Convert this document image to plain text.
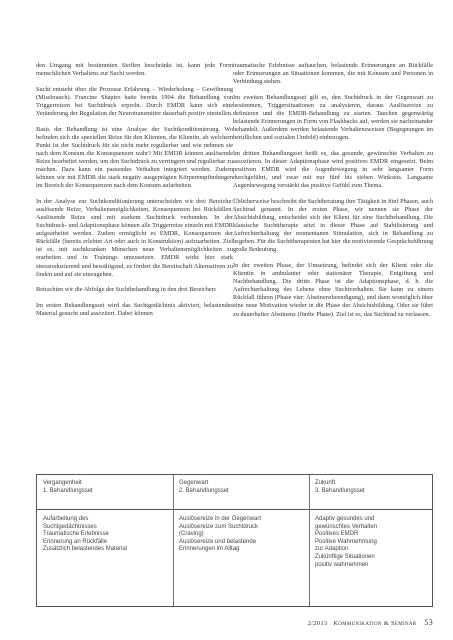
den Umgang mit bestimmten Stoffen beschränkt ist, kann jede Form menschlichen Verhaltens zur Sucht werden.

Sucht entsteht über die Prozesse Erfahrung – Wiederholung – Gewöhnung (Missbrauch). Francine Shapiro hatte bereits 1994 die Behandlung von Triggerreizen bei Suchtdruck erprobt. Durch EMDR kann sich eine Veränderung der Regulation der Neurotransmitter dauerhaft positiv einstellen.

Basis der Behandlung ist eine Analyse der Suchtkonditionierung. Wo befinden sich die speziellen Reize für den Klienten, die Klientin, ab welchem Punkt ist der Suchtdruck für sie nicht mehr regulierbar und wie nehmen sie nach dem Konsum die Konsequenzen wahr? Mit EMDR können auslösende Reize bearbeitet werden, um den Suchtdruck zu verringern und regulierbar zu machen. Dazu kann ein passendes Verhalten integriert werden. Zudem können wir mit EMDR die stark negativ ausgeprägten Körperempfindungen im Bereich der Konsequenzen nach dem Konsum aufarbeiten.

In der Analyse zur Suchtkonditionierung unterscheiden wir drei Bereiche: auslösende Reize, Verhaltensmöglichkeiten, Konsequenzen bei Rückfällen. Auslösende Reize sind mit starkem Suchtdruck verbunden. In der Suchtdruck- und Adaptionsphase können alle Triggerreize einzeln mit EMDR aufgearbeitet werden. Zudem ermöglicht es EMDR, Konsequenzen der Rückfälle (bereits erlebter Art oder auch in Konstruktion) aufzuarbeiten. Ziel ist es, mit suchtkranken Menschen neue Verhaltensmöglichkeiten zu erarbeiten und in Trainings umzusetzen. EMDR wirkt hier stark stressreduzierend und bewältigend, es fördert die Bereitschaft Alternativen zu finden und auf sie einzugehen.

Betrachten wir die Abfolge der Suchtbehandlung in den drei Bereichen:

Im ersten Behandlungsset wird das Suchtgedächtnis aktiviert, belastendes Material gesucht und assoziiert. Dabei können

traumatische Erlebnisse auftauchen, belastende Erinnerungen an Rückfälle oder Erinnerungen an Situationen kommen, die mit Konsum und Personen in Verbindung stehen.

Im zweiten Behandlungsset gilt es, den Suchtdruck in der Gegenwart zu bestimmen, Triggersituationen zu analysieren, daraus Auslösereize zu definieren und die EMDR-Behandlung zu starten. Tauchen gegenwärtig belastende Erinnerungen in Form von Flashbacks auf, werden sie nacheinander behandelt. Außerdem werden belastende Verhaltensweisen (Begegnungen im beruflichen und sozialen Umfeld) einbezogen.

Im dritten Behandlungsset heißt es, das gesunde, gewünschte Verhalten zu assoziieren. In dieser Adaptionsphase wird positives EMDR eingesetzt. Beim positiven EMDR wird die Augenbewegung in sehr langsamer Form durchgeführt, und zwar mit nur fünf bis sieben Winksets. Langsame Augenbewegung verstärkt das positive Gefühl zum Thema.

Üblicherweise beschreibt die Suchtberatung ihre Tätigkeit in fünf Phasen, auch Suchtrad genannt. In der ersten Phase, wir nennen sie Phase der Absichtsbildung, entscheidet sich der Klient für eine Suchtbehandlung. Die klassische Suchttherapie setzt in dieser Phase auf Stabilisierung und Aufrechterhaltung der momentanen Stimulation, sich in Behandlung zu begeben. Für die Suchttherapeuten hat hier die motivierende Gesprächsführung große Bedeutung.

In der zweiten Phase, der Umsetzung, befindet sich der Klient oder die Klientin in ambulanter oder stationärer Therapie, Entgiftung und Nachbehandlung. Die dritte Phase ist die Adaptionsphase, d. h. die Aufrechterhaltung des Lebens ohne Suchtverhalten. Sie kann zu einem Rückfall führen (Phase vier: Abstinenzbeendigung), und dann womöglich über eine neue Motivation wieder in die Phase der Absichtsbildung. Oder sie führt zu dauerhafter Abstinenz (fünfte Phase). Ziel ist es, das Suchtrad zu verlassen.

Vergangenheit
1. Behandlungsset
Gegenwart
2. Behandlungsset
Zukunft
3. Behandlungsset
Aufarbeitung des
Suchtgedächtnisses
Traumatische Erlebnisse
Erinnerung an Rückfälle
Zusätzlich belastendes Material
Auslösereize in der Gegenwart
Auslösereize zum Suchtdruck
(Craving)
Auslösereize und belastende
Erinnerungen im Alltag
Adaptiv gesundes und
gewünschtes Verhalten
Positives EMDR
Positive Wahrnehmung
zur Adaption
Zukünftige Situationen
positiv wahrnehmen
2/2013 Kommunikation & Seminar 53
